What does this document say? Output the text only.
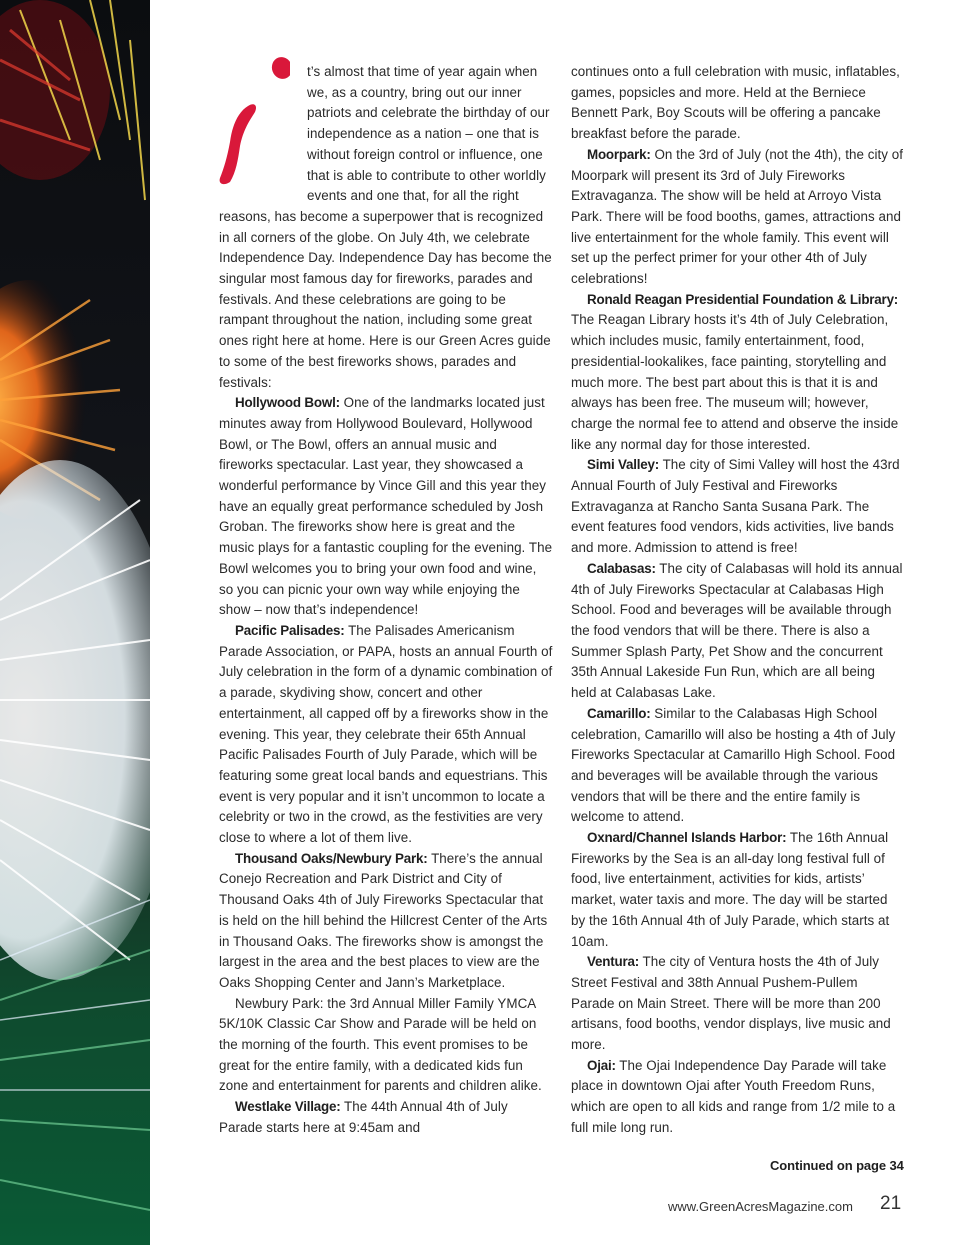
t’s almost that time of year again when we, as a country, bring out our inner patriots and celebrate the birthday of our independence as a nation – one that is without foreign control or influence, one that is able to contribute to other worldly events and one that, for all the right reasons, has become a superpower that is recognized in all corners of the globe. On July 4th, we celebrate Independence Day. Independence Day has become the singular most famous day for fireworks, parades and festivals. And these celebrations are going to be rampant throughout the nation, including some great ones right here at home. Here is our Green Acres guide to some of the best fireworks shows, parades and festivals:

Hollywood Bowl: One of the landmarks located just minutes away from Hollywood Boulevard, Hollywood Bowl, or The Bowl, offers an annual music and fireworks spectacular. Last year, they showcased a wonderful performance by Vince Gill and this year they have an equally great performance scheduled by Josh Groban. The fireworks show here is great and the music plays for a fantastic coupling for the evening. The Bowl welcomes you to bring your own food and wine, so you can picnic your own way while enjoying the show – now that’s independence!

Pacific Palisades: The Palisades Americanism Parade Association, or PAPA, hosts an annual Fourth of July celebration in the form of a dynamic combination of a parade, skydiving show, concert and other entertainment, all capped off by a fireworks show in the evening. This year, they celebrate their 65th Annual Pacific Palisades Fourth of July Parade, which will be featuring some great local bands and equestrians. This event is very popular and it isn’t uncommon to locate a celebrity or two in the crowd, as the festivities are very close to where a lot of them live.

Thousand Oaks/Newbury Park: There’s the annual Conejo Recreation and Park District and City of Thousand Oaks 4th of July Fireworks Spectacular that is held on the hill behind the Hillcrest Center of the Arts in Thousand Oaks. The fireworks show is amongst the largest in the area and the best places to view are the Oaks Shopping Center and Jann’s Marketplace.

Newbury Park: the 3rd Annual Miller Family YMCA 5K/10K Classic Car Show and Parade will be held on the morning of the fourth. This event promises to be great for the entire family, with a dedicated kids fun zone and entertainment for parents and children alike.

Westlake Village: The 44th Annual 4th of July Parade starts here at 9:45am and

continues onto a full celebration with music, inflatables, games, popsicles and more. Held at the Berniece Bennett Park, Boy Scouts will be offering a pancake breakfast before the parade.

Moorpark: On the 3rd of July (not the 4th), the city of Moorpark will present its 3rd of July Fireworks Extravaganza. The show will be held at Arroyo Vista Park. There will be food booths, games, attractions and live entertainment for the whole family. This event will set up the perfect primer for your other 4th of July celebrations!

Ronald Reagan Presidential Foundation & Library: The Reagan Library hosts it’s 4th of July Celebration, which includes music, family entertainment, food, presidential-lookalikes, face painting, storytelling and much more. The best part about this is that it is and always has been free. The museum will; however, charge the normal fee to attend and observe the inside like any normal day for those interested.

Simi Valley: The city of Simi Valley will host the 43rd Annual Fourth of July Festival and Fireworks Extravaganza at Rancho Santa Susana Park. The event features food vendors, kids activities, live bands and more. Admission to attend is free!

Calabasas: The city of Calabasas will hold its annual 4th of July Fireworks Spectacular at Calabasas High School. Food and beverages will be available through the food vendors that will be there. There is also a Summer Splash Party, Pet Show and the concurrent 35th Annual Lakeside Fun Run, which are all being held at Calabasas Lake.

Camarillo: Similar to the Calabasas High School celebration, Camarillo will also be hosting a 4th of July Fireworks Spectacular at Camarillo High School. Food and beverages will be available through the various vendors that will be there and the entire family is welcome to attend.

Oxnard/Channel Islands Harbor: The 16th Annual Fireworks by the Sea is an all-day long festival full of food, live entertainment, activities for kids, artists’ market, water taxis and more. The day will be started by the 16th Annual 4th of July Parade, which starts at 10am.

Ventura: The city of Ventura hosts the 4th of July Street Festival and 38th Annual Pushem-Pullem Parade on Main Street. There will be more than 200 artisans, food booths, vendor displays, live music and more.

Ojai: The Ojai Independence Day Parade will take place in downtown Ojai after Youth Freedom Runs, which are open to all kids and range from 1/2 mile to a full mile long run.

Continued on page 34
www.GreenAcresMagazine.com 21
